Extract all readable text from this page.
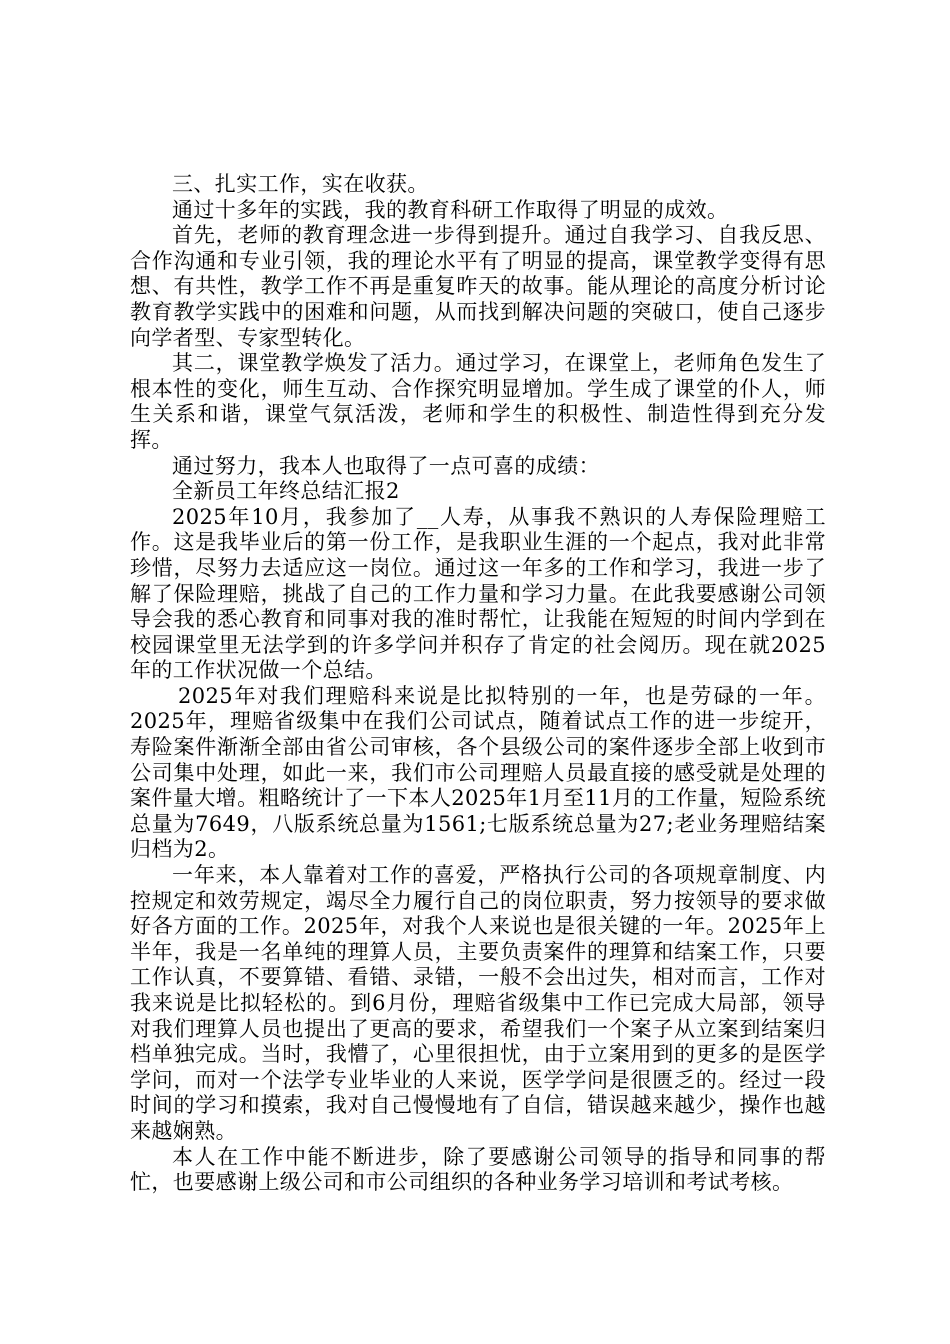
三、扎实工作，实在收获。

通过十多年的实践，我的教育科研工作取得了明显的成效。

首先，老师的教育理念进一步得到提升。通过自我学习、自我反思、合作沟通和专业引领，我的理论水平有了明显的提高，课堂教学变得有思想、有共性，教学工作不再是重复昨天的故事。能从理论的高度分析讨论教育教学实践中的困难和问题，从而找到解决问题的突破口，使自己逐步向学者型、专家型转化。

其二，课堂教学焕发了活力。通过学习，在课堂上，老师角色发生了根本性的变化，师生互动、合作探究明显增加。学生成了课堂的仆人，师生关系和谐，课堂气氛活泼，老师和学生的积极性、制造性得到充分发挥。

通过努力，我本人也取得了一点可喜的成绩：

全新员工年终总结汇报2

2025年10月，我参加了__人寿，从事我不熟识的人寿保险理赔工作。这是我毕业后的第一份工作，是我职业生涯的一个起点，我对此非常珍惜，尽努力去适应这一岗位。通过这一年多的工作和学习，我进一步了解了保险理赔，挑战了自己的工作力量和学习力量。在此我要感谢公司领导会我的悉心教育和同事对我的准时帮忙，让我能在短短的时间内学到在校园课堂里无法学到的许多学问并积存了肯定的社会阅历。现在就2025年的工作状况做一个总结。

2025年对我们理赔科来说是比拟特别的一年，也是劳碌的一年。2025年，理赔省级集中在我们公司试点，随着试点工作的进一步绽开，寿险案件渐渐全部由省公司审核，各个县级公司的案件逐步全部上收到市公司集中处理，如此一来，我们市公司理赔人员最直接的感受就是处理的案件量大增。粗略统计了一下本人2025年1月至11月的工作量，短险系统总量为7649，八版系统总量为1561;七版系统总量为27;老业务理赔结案归档为2。

一年来，本人靠着对工作的喜爱，严格执行公司的各项规章制度、内控规定和效劳规定，竭尽全力履行自己的岗位职责，努力按领导的要求做好各方面的工作。2025年，对我个人来说也是很关键的一年。2025年上半年，我是一名单纯的理算人员，主要负责案件的理算和结案工作，只要工作认真，不要算错、看错、录错，一般不会出过失，相对而言，工作对我来说是比拟轻松的。到6月份，理赔省级集中工作已完成大局部，领导对我们理算人员也提出了更高的要求，希望我们一个案子从立案到结案归档单独完成。当时，我懵了，心里很担忧，由于立案用到的更多的是医学学问，而对一个法学专业毕业的人来说，医学学问是很匮乏的。经过一段时间的学习和摸索，我对自己慢慢地有了自信，错误越来越少，操作也越来越娴熟。

本人在工作中能不断进步，除了要感谢公司领导的指导和同事的帮忙，也要感谢上级公司和市公司组织的各种业务学习培训和考试考核。
